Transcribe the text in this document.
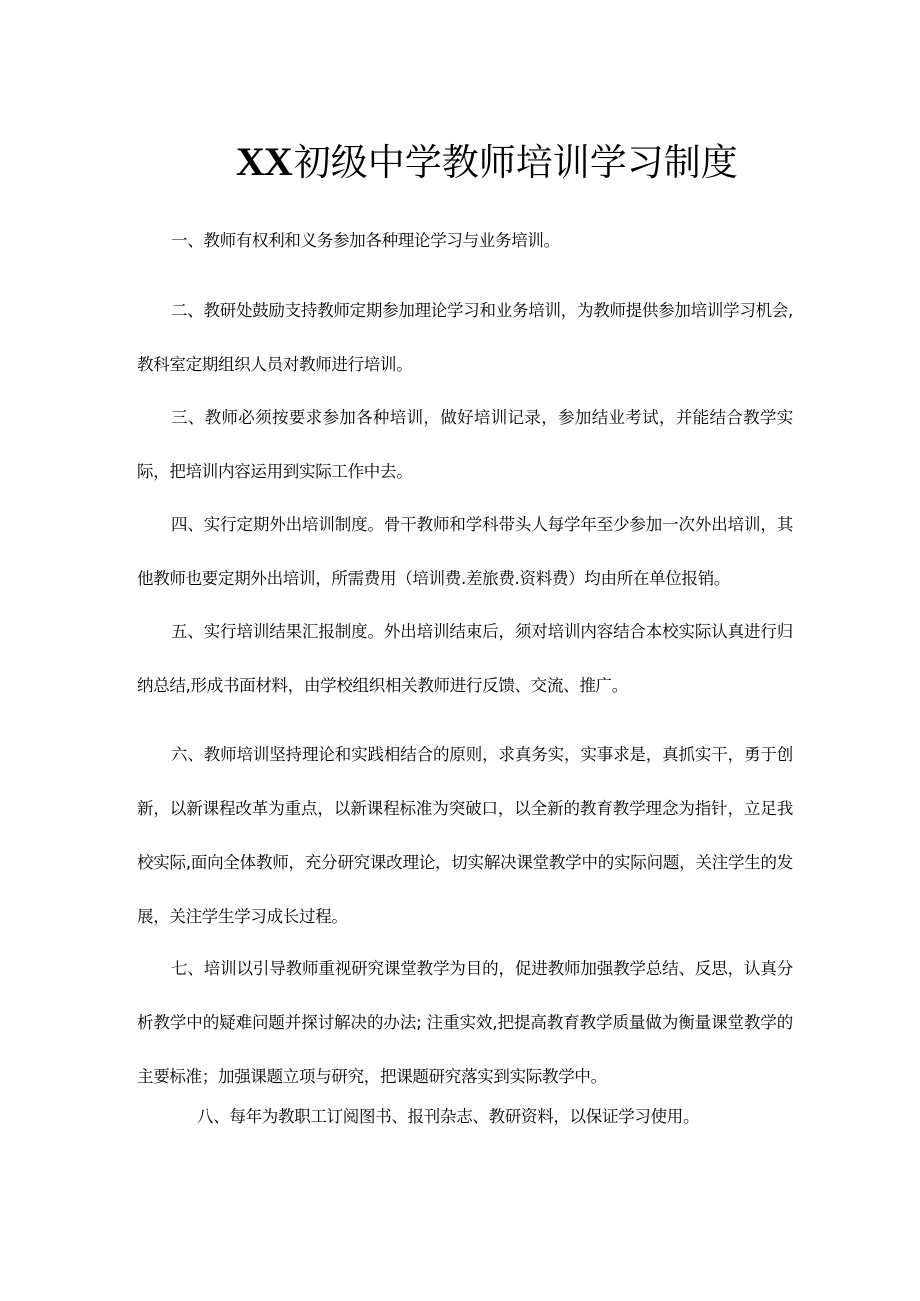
XX初级中学教师培训学习制度

一、教师有权利和义务参加各种理论学习与业务培训。

二、教研处鼓励支持教师定期参加理论学习和业务培训，为教师提供参加培训学习机会,教科室定期组织人员对教师进行培训。

三、教师必须按要求参加各种培训，做好培训记录，参加结业考试，并能结合教学实际，把培训内容运用到实际工作中去。

四、实行定期外出培训制度。骨干教师和学科带头人每学年至少参加一次外出培训，其他教师也要定期外出培训，所需费用（培训费.差旅费.资料费）均由所在单位报销。

五、实行培训结果汇报制度。外出培训结束后，须对培训内容结合本校实际认真进行归纳总结,形成书面材料，由学校组织相关教师进行反馈、交流、推广。

六、教师培训坚持理论和实践相结合的原则，求真务实，实事求是，真抓实干，勇于创新，以新课程改革为重点，以新课程标准为突破口，以全新的教育教学理念为指针，立足我校实际,面向全体教师，充分研究课改理论，切实解决课堂教学中的实际问题，关注学生的发展，关注学生学习成长过程。

七、培训以引导教师重视研究课堂教学为目的，促进教师加强教学总结、反思，认真分析教学中的疑难问题并探讨解决的办法; 注重实效,把提高教育教学质量做为衡量课堂教学的主要标准；加强课题立项与研究，把课题研究落实到实际教学中。

八、每年为教职工订阅图书、报刊杂志、教研资料，以保证学习使用。
